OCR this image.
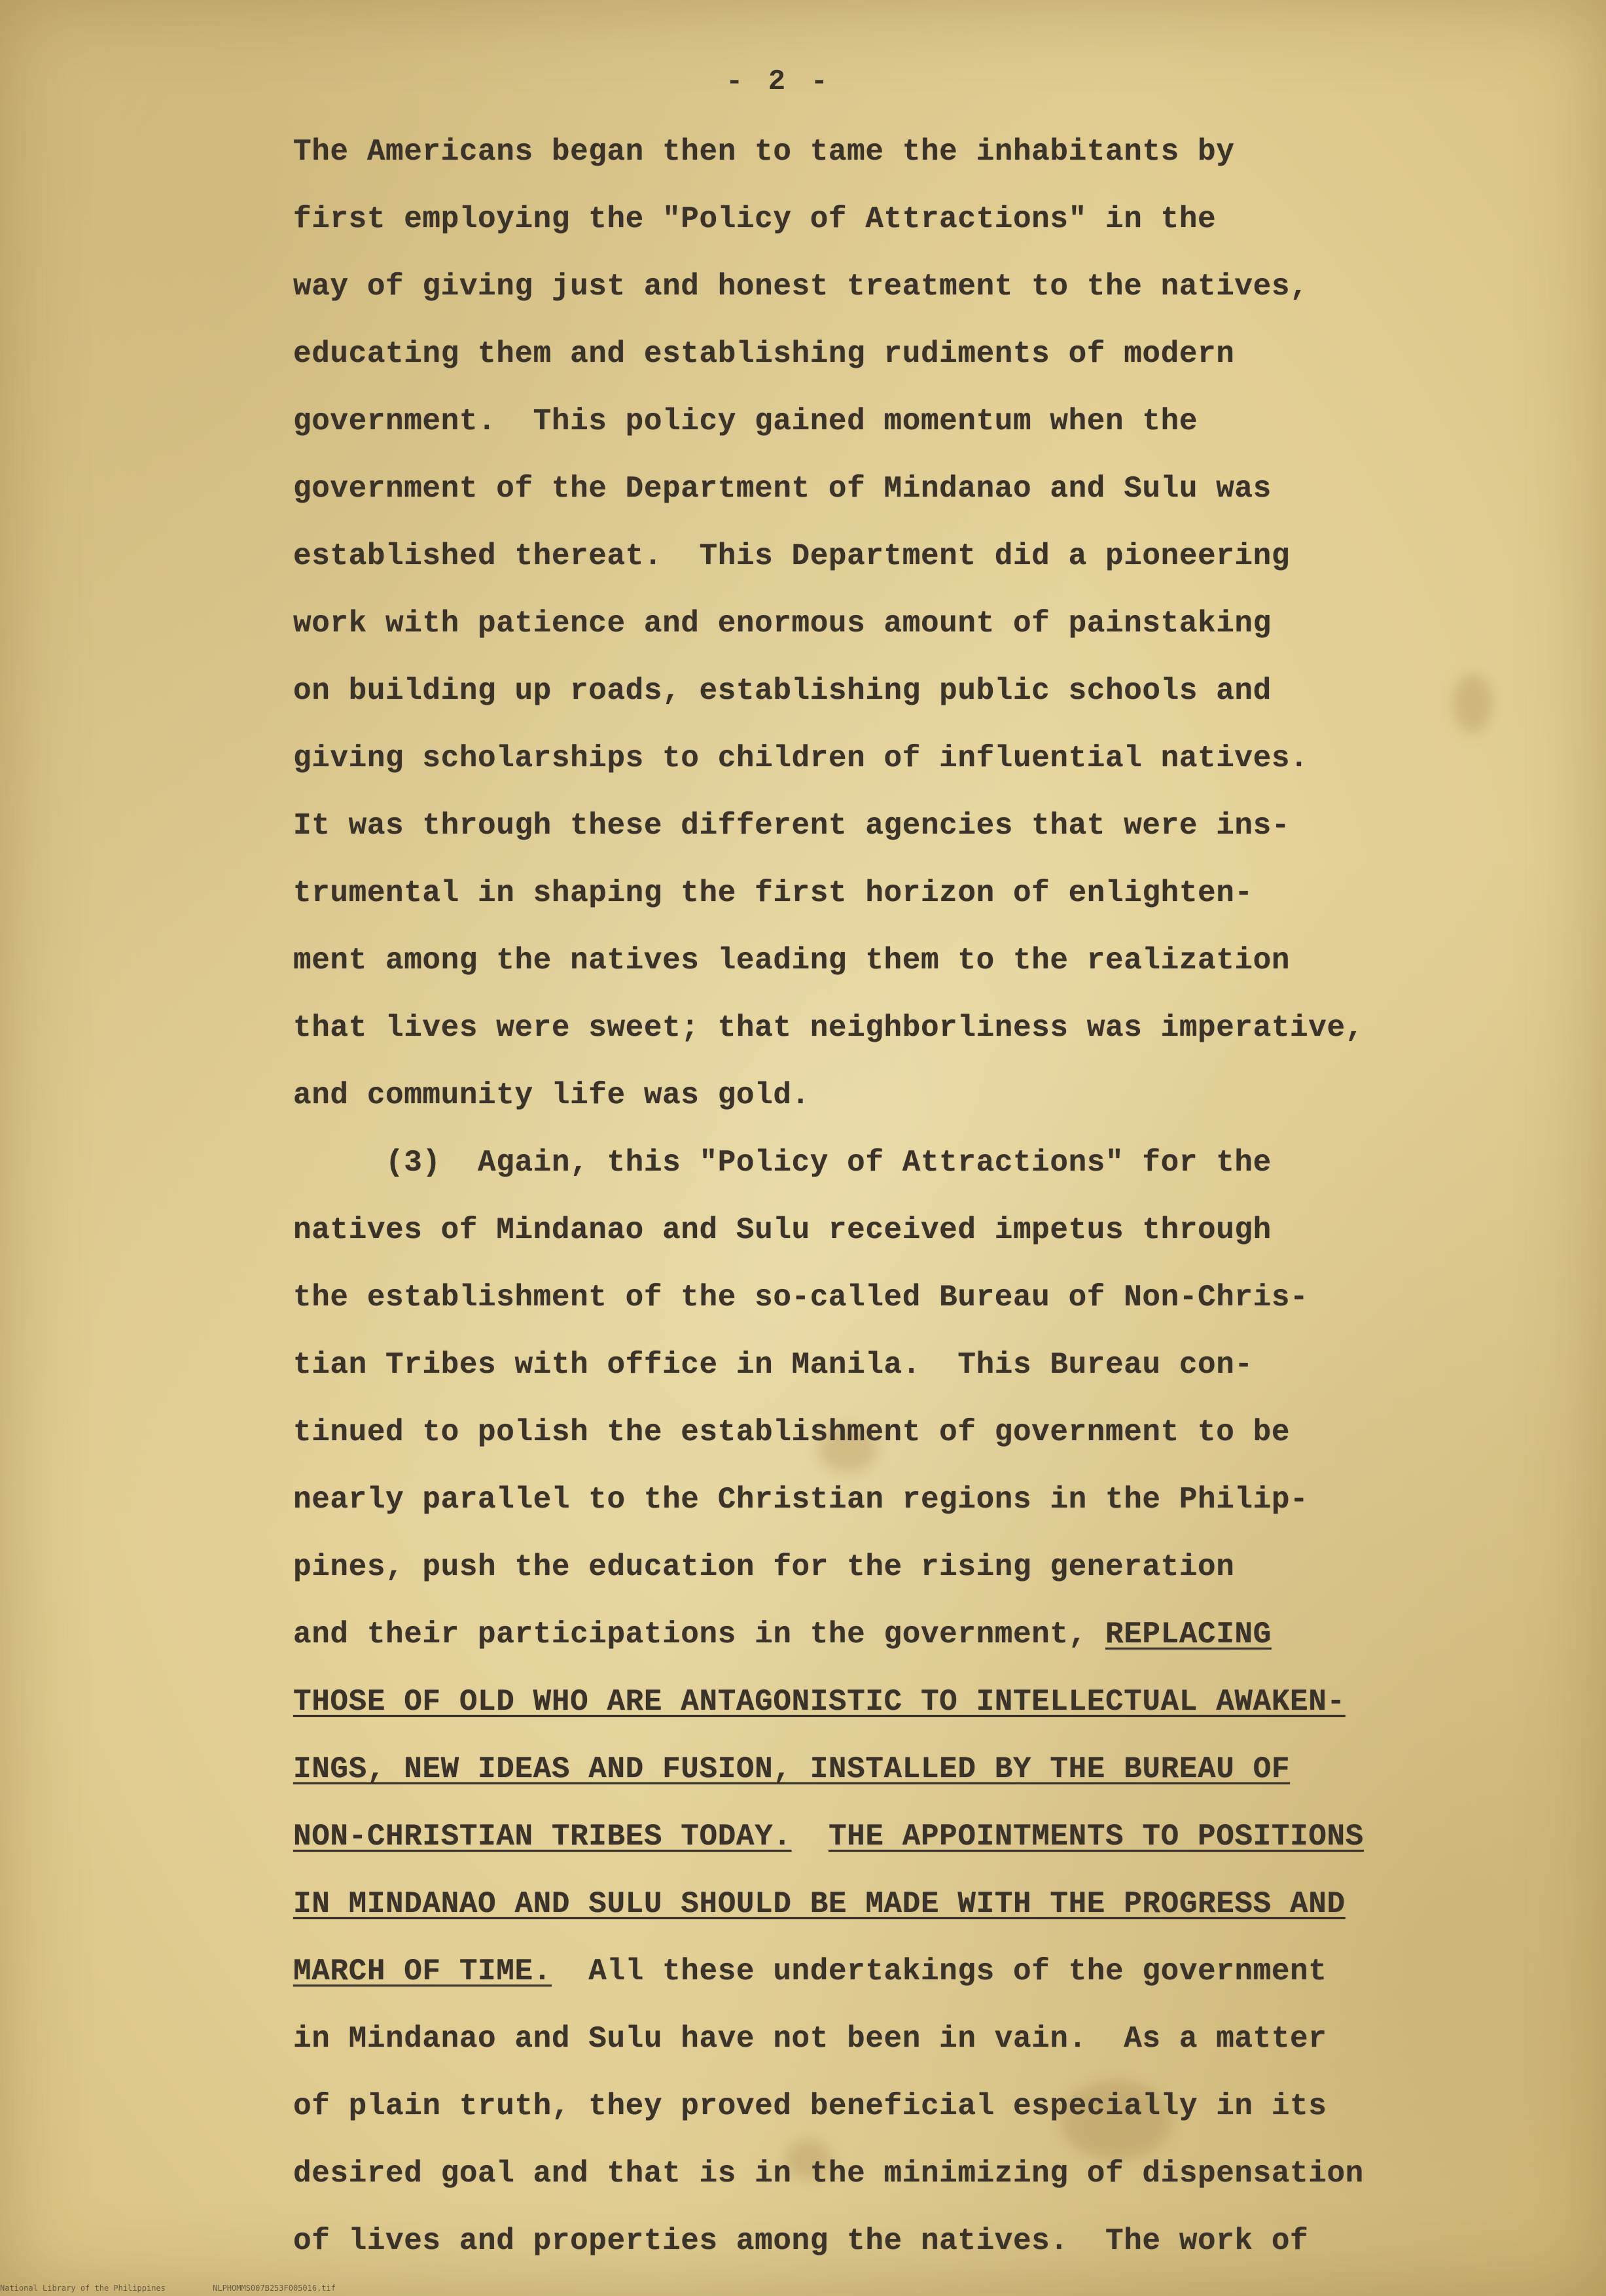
- 2 -
The Americans began then to tame the inhabitants by
first employing the "Policy of Attractions" in the
way of giving just and honest treatment to the natives,
educating them and establishing rudiments of modern
government.  This policy gained momentum when the
government of the Department of Mindanao and Sulu was
established thereat.  This Department did a pioneering
work with patience and enormous amount of painstaking
on building up roads, establishing public schools and
giving scholarships to children of influential natives.
It was through these different agencies that were ins-
trumental in shaping the first horizon of enlighten-
ment among the natives leading them to the realization
that lives were sweet; that neighborliness was imperative,
and community life was gold.
(3)  Again, this "Policy of Attractions" for the
natives of Mindanao and Sulu received impetus through
the establishment of the so-called Bureau of Non-Chris-
tian Tribes with office in Manila.  This Bureau con-
tinued to polish the establishment of government to be
nearly parallel to the Christian regions in the Philip-
pines, push the education for the rising generation
and their participations in the government, REPLACING
THOSE OF OLD WHO ARE ANTAGONISTIC TO INTELLECTUAL AWAKEN-
INGS, NEW IDEAS AND FUSION, INSTALLED BY THE BUREAU OF
NON-CHRISTIAN TRIBES TODAY. THE APPOINTMENTS TO POSITIONS
IN MINDANAO AND SULU SHOULD BE MADE WITH THE PROGRESS AND
MARCH OF TIME.  All these undertakings of the government
in Mindanao and Sulu have not been in vain.  As a matter
of plain truth, they proved beneficial especially in its
desired goal and that is in the minimizing of dispensation
of lives and properties among the natives.  The work of
National Library of the Philippines	NLPHOMMS007B253F005016.tif
